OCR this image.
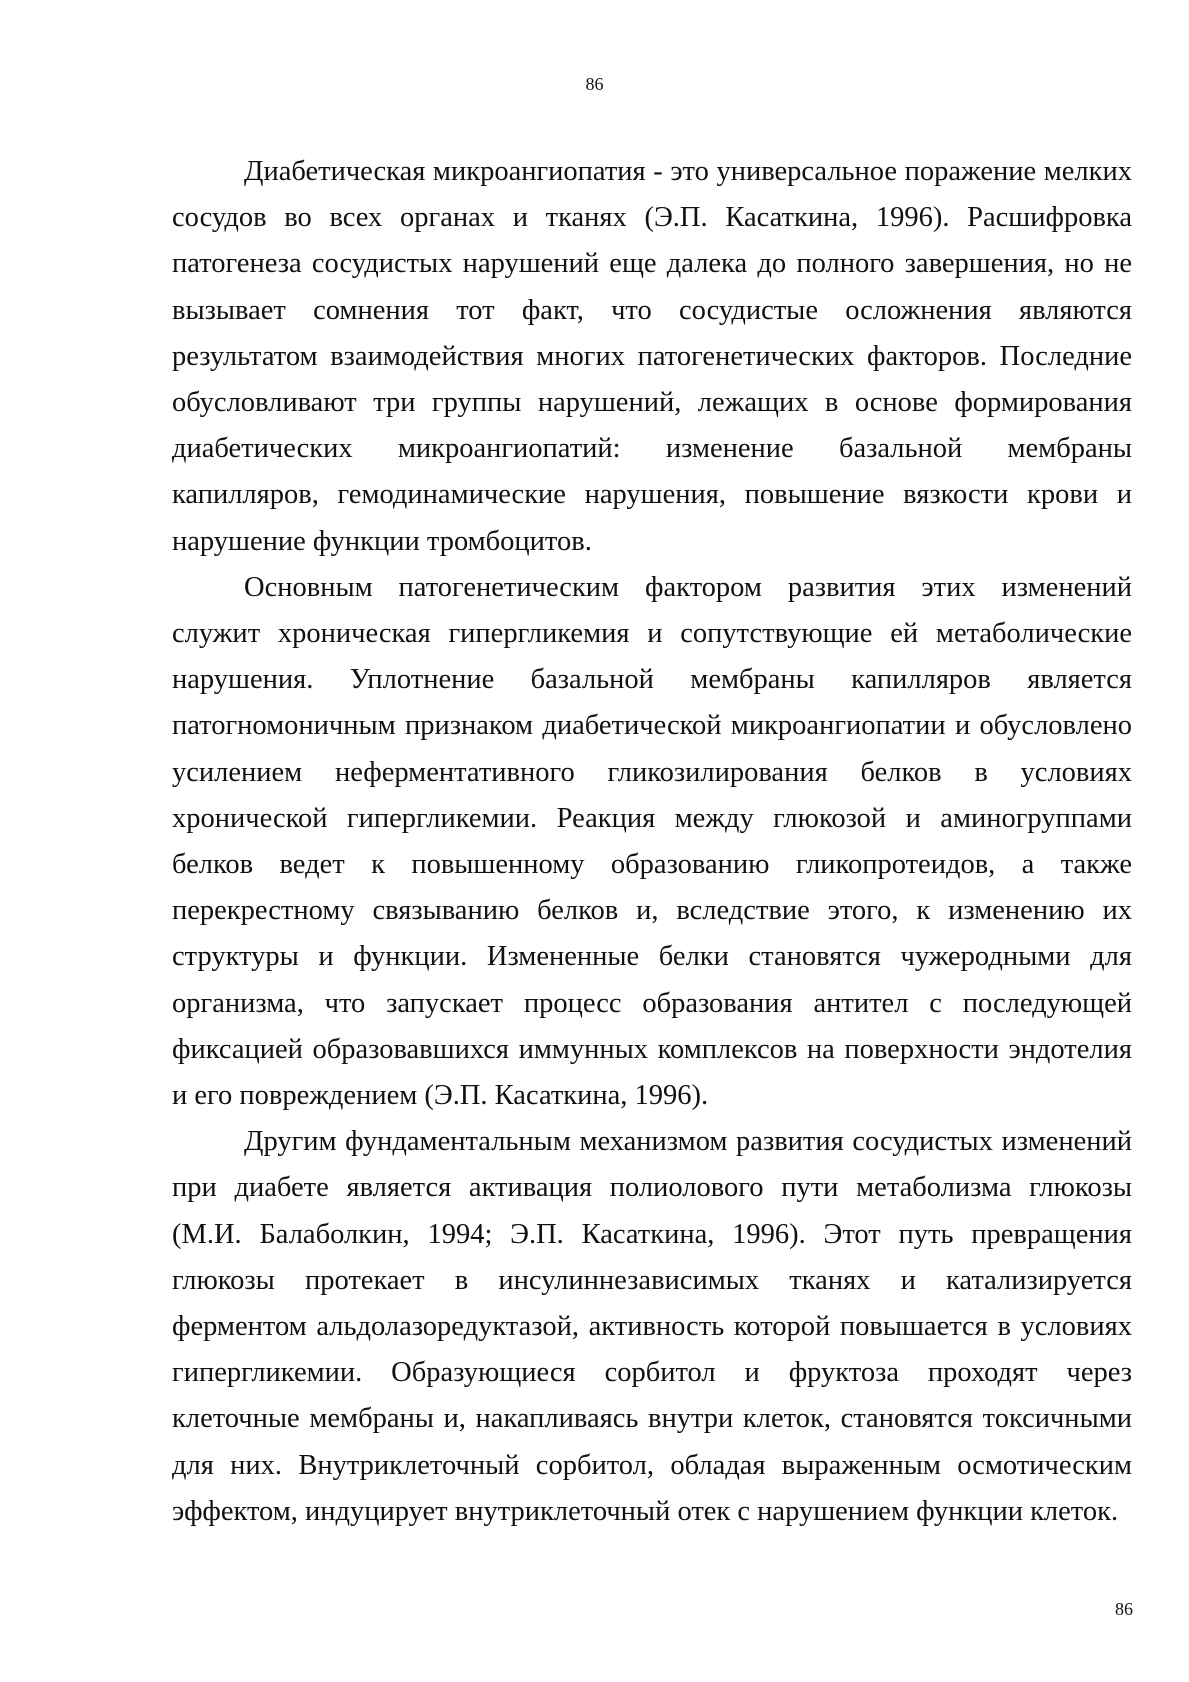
86

Диабетическая микроангиопатия - это универсальное поражение мелких сосудов во всех органах и тканях (Э.П. Касаткина, 1996). Расшифровка патогенеза сосудистых нарушений еще далека до полного завершения, но не вызывает сомнения тот факт, что сосудистые осложнения являются результатом взаимодействия многих патогенетических факторов. Последние обусловливают три группы нарушений, лежащих в основе формирования диабетических микроангиопатий: изменение базальной мембраны капилляров, гемодинамические нарушения, повышение вязкости крови и нарушение функции тромбоцитов.

Основным патогенетическим фактором развития этих изменений служит хроническая гипергликемия и сопутствующие ей метаболические нарушения. Уплотнение базальной мембраны капилляров является патогномоничным признаком диабетической микроангиопатии и обусловлено усилением неферментативного гликозилирования белков в условиях хронической гипергликемии. Реакция между глюкозой и аминогруппами белков ведет к повышенному образованию гликопротеидов, а также перекрестному связыванию белков и, вследствие этого, к изменению их структуры и функции. Измененные белки становятся чужеродными для организма, что запускает процесс образования антител с последующей фиксацией образовавшихся иммунных комплексов на поверхности эндотелия и его повреждением (Э.П. Касаткина, 1996).

Другим фундаментальным механизмом развития сосудистых изменений при диабете является активация полиолового пути метаболизма глюкозы (М.И. Балаболкин, 1994; Э.П. Касаткина, 1996). Этот путь превращения глюкозы протекает в инсулиннезависимых тканях и катализируется ферментом альдолазоредуктазой, активность которой повышается в условиях гипергликемии. Образующиеся сорбитол и фруктоза проходят через клеточные мембраны и, накапливаясь внутри клеток, становятся токсичными для них. Внутриклеточный сорбитол, обладая выраженным осмотическим эффектом, индуцирует внутриклеточный отек с нарушением функции клеток.

86
